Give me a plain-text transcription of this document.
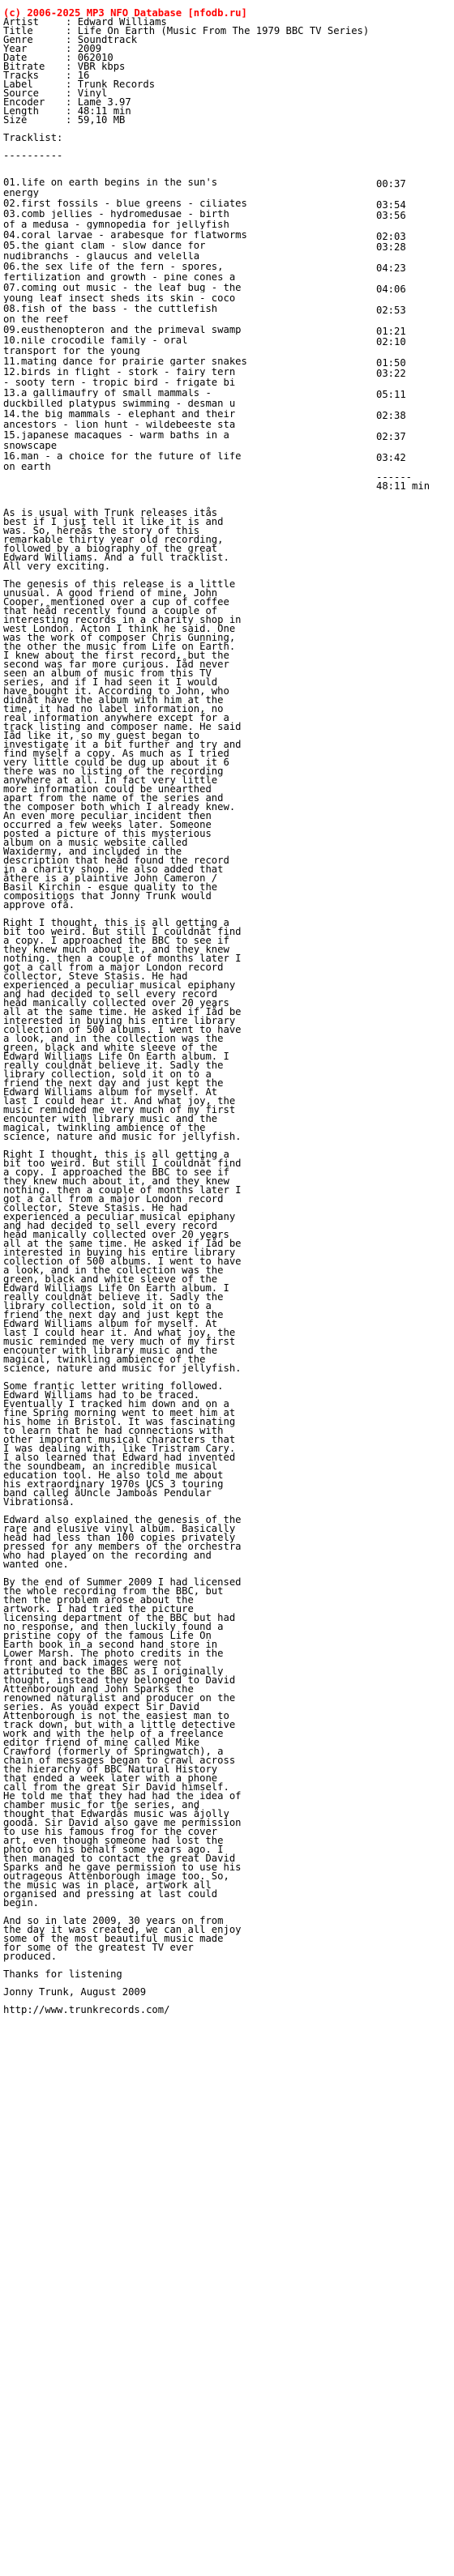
(c) 2006-2025 MP3 NFO Database [nfodb.ru]

Artist	: Edward Williams
Title	: Life On Earth (Music From The 1979 BBC TV Series)
Genre	: Soundtrack
Year	: 2009
Date	: 062010
Bitrate : VBR kbps
Tracks	: 16
Label	: Trunk Records
Source	: Vinyl
Encoder : Lame 3.97
Length	: 48:11 min
Size	: 59,10 MB
Tracklist:

----------

01.life on earth begins in the sun's	00:37
energy
02.first fossils - blue greens - ciliates	03:54
03.comb jellies - hydromedusae - birth	03:56
of a medusa - gymnopedia for jellyfish
04.coral larvae - arabesque for flatworms	02:03
05.the giant clam - slow dance for	03:28
nudibranchs - glaucus and velella
06.the sex life of the fern - spores,	04:23
fertilization and growth - pine cones a
07.coming out music - the leaf bug - the	04:06
young leaf insect sheds its skin - coco
08.fish of the bass - the cuttlefish	02:53
on the reef
09.eusthenopteron and the primeval swamp	01:21
10.nile crocodile family - oral	02:10
transport for the young
11.mating dance for prairie garter snakes	01:50
12.birds in flight - stork - fairy tern	03:22
- sooty tern - tropic bird - frigate bi
13.a gallimaufry of small mammals -	05:11
duckbilled platypus swimming - desman u
14.the big mammals - elephant and their	02:38
ancestors - lion hunt - wildebeeste sta
15.japanese macaques - warm baths in a	02:37
snowscape
16.man - a choice for the future of life	03:42
on earth
------
48:11 min
As is usual with Trunk releases itås
best if I just tell it like it is and
was. So, hereås the story of this
remarkable thirty year old recording,
followed by a biography of the great
Edward Williams. And a full tracklist.
All very exciting.
The genesis of this release is a little
unusual. A good friend of mine, John
Cooper, mentioned over a cup of coffee
that heåd recently found a couple of
interesting records in a charity shop in
west London. Acton I think he said. One
was the work of composer Chris Gunning,
the other the music from Life on Earth.
I knew about the first record, but the
second was far more curious. Iåd never
seen an album of music from this TV
series, and if I had seen it I would
have bought it. According to John, who
didnåt have the album with him at the
time, it had no label information, no
real information anywhere except for a
track listing and composer name. He said
Iåd like it, so my guest began to
investigate it a bit further and try and
find myself a copy. As much as I tried
very little could be dug up about it 6
there was no listing of the recording
anywhere at all. In fact very little
more information could be unearthed
apart from the name of the series and
the composer both which I already knew.
An even more peculiar incident then
occurred a few weeks later. Someone
posted a picture of this mysterious
album on a music website called
Waxidermy, and included in the
description that heåd found the record
in a charity shop. He also added that
åthere is a plaintive John Cameron /
Basil Kirchin - esque quality to the
compositions that Jonny Trunk would
approve ofå.
Right I thought, this is all getting a
bit too weird. But still I couldnåt find
a copy. I approached the BBC to see if
they knew much about it, and they knew
nothing. then a couple of months later I
got a call from a major London record
collector, Steve Stasis. He had
experienced a peculiar musical epiphany
and had decided to sell every record
heåd manically collected over 20 years
all at the same time. He asked if Iåd be
interested in buying his entire library
collection of 500 albums. I went to have
a look, and in the collection was the
green, black and white sleeve of the
Edward Williams Life On Earth album. I
really couldnåt believe it. Sadly the
library collection, sold it on to a
friend the next day and just kept the
Edward Williams album for myself. At
last I could hear it. And what joy, the
music reminded me very much of my first
encounter with library music and the
magical, twinkling ambience of the
science, nature and music for jellyfish.
Right I thought, this is all getting a
bit too weird. But still I couldnåt find
a copy. I approached the BBC to see if
they knew much about it, and they knew
nothing. then a couple of months later I
got a call from a major London record
collector, Steve Stasis. He had
experienced a peculiar musical epiphany
and had decided to sell every record
heåd manically collected over 20 years
all at the same time. He asked if Iåd be
interested in buying his entire library
collection of 500 albums. I went to have
a look, and in the collection was the
green, black and white sleeve of the
Edward Williams Life On Earth album. I
really couldnåt believe it. Sadly the
library collection, sold it on to a
friend the next day and just kept the
Edward Williams album for myself. At
last I could hear it. And what joy, the
music reminded me very much of my first
encounter with library music and the
magical, twinkling ambience of the
science, nature and music for jellyfish.
Some frantic letter writing followed.
Edward Williams had to be traced.
Eventually I tracked him down and on a
fine Spring morning went to meet him at
his home in Bristol. It was fascinating
to learn that he had connections with
other important musical characters that
I was dealing with, like Tristram Cary.
I also learned that Edward had invented
the soundbeam, an incredible musical
education tool. He also told me about
his extraordinary 1970s UCS 3 touring
band called åUncle Jamboås Pendular
Vibrationså.
Edward also explained the genesis of the
rare and elusive vinyl album. Basically
heåd had less than 100 copies privately
pressed for any members of the orchestra
who had played on the recording and
wanted one.
By the end of Summer 2009 I had licensed
the whole recording from the BBC, but
then the problem arose about the
artwork. I had tried the picture
licensing department of the BBC but had
no response, and then luckily found a
pristine copy of the famous Life On
Earth book in a second hand store in
Lower Marsh. The photo credits in the
front and back images were not
attributed to the BBC as I originally
thought, instead they belonged to David
Attenborough and John Sparks the
renowned naturalist and producer on the
series. As youåd expect Sir David
Attenborough is not the easiest man to
track down, but with a little detective
work and with the help of a freelance
editor friend of mine called Mike
Crawford (formerly of Springwatch), a
chain of messages began to crawl across
the hierarchy of BBC Natural History
that ended a week later with a phone
call from the great Sir David himself.
He told me that they had had the idea of
chamber music for the series, and
thought that Edwardås music was åjolly
goodå. Sir David also gave me permission
to use his famous frog for the cover
art, even though someone had lost the
photo on his behalf some years ago. I
then managed to contact the great David
Sparks and he gave permission to use his
outrageous Attenborough image too. So,
the music was in place, artwork all
organised and pressing at last could
begin.
And so in late 2009, 30 years on from
the day it was created, we can all enjoy
some of the most beautiful music made
for some of the greatest TV ever
produced.
Thanks for listening
Jonny Trunk, August 2009
http://www.trunkrecords.com/
